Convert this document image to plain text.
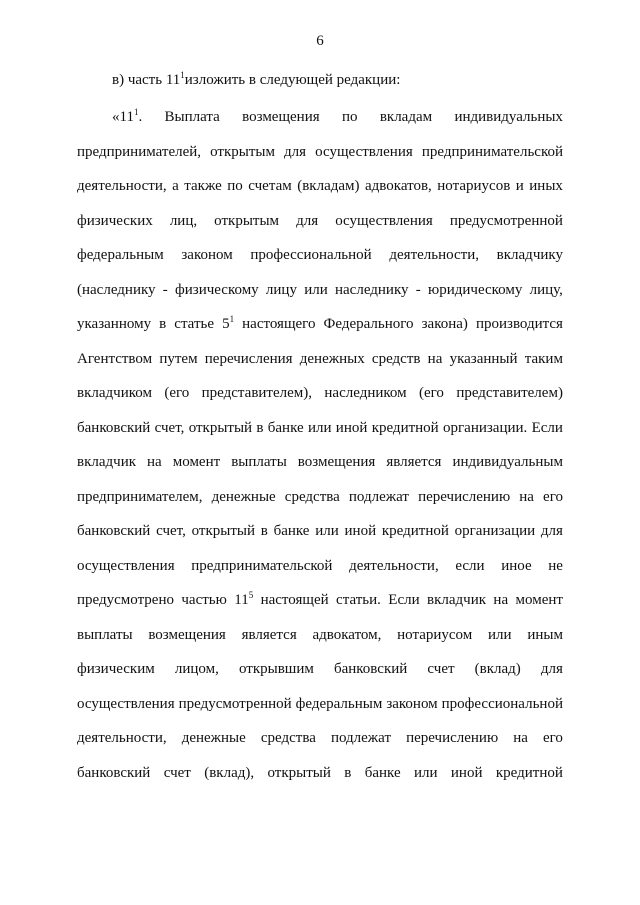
6
в) часть $11^1изложить$ в следующей редакции:
«$11^1$. Выплата возмещения по вкладам индивидуальных
предпринимателей, открытым для осуществления предпринимательской
деятельности, а также по счетам (вкладам) адвокатов, нотариусов и иных
физических лиц, открытым для осуществления предусмотренной
федеральным законом профессиональной деятельности, вкладчику
(наследнику - физическому лицу или наследнику - юридическому лицу,
указанному в статье $5^1$ настоящего Федерального закона) производится
Агентством путем перечисления денежных средств на указанный таким
вкладчиком (его представителем), наследником (его представителем)
банковский счет, открытый в банке или иной кредитной организации. Если
вкладчик на момент выплаты возмещения является индивидуальным
предпринимателем, денежные средства подлежат перечислению на его
банковский счет, открытый в банке или иной кредитной организации для
осуществления предпринимательской деятельности, если иное не
предусмотрено частью $11^5$ настоящей статьи. Если вкладчик на момент
выплаты возмещения является адвокатом, нотариусом или иным
физическим лицом, открывшим банковский счет (вклад) для
осуществления предусмотренной федеральным законом профессиональной
деятельности, денежные средства подлежат перечислению на его
банковский счет (вклад), открытый в банке или иной кредитной
